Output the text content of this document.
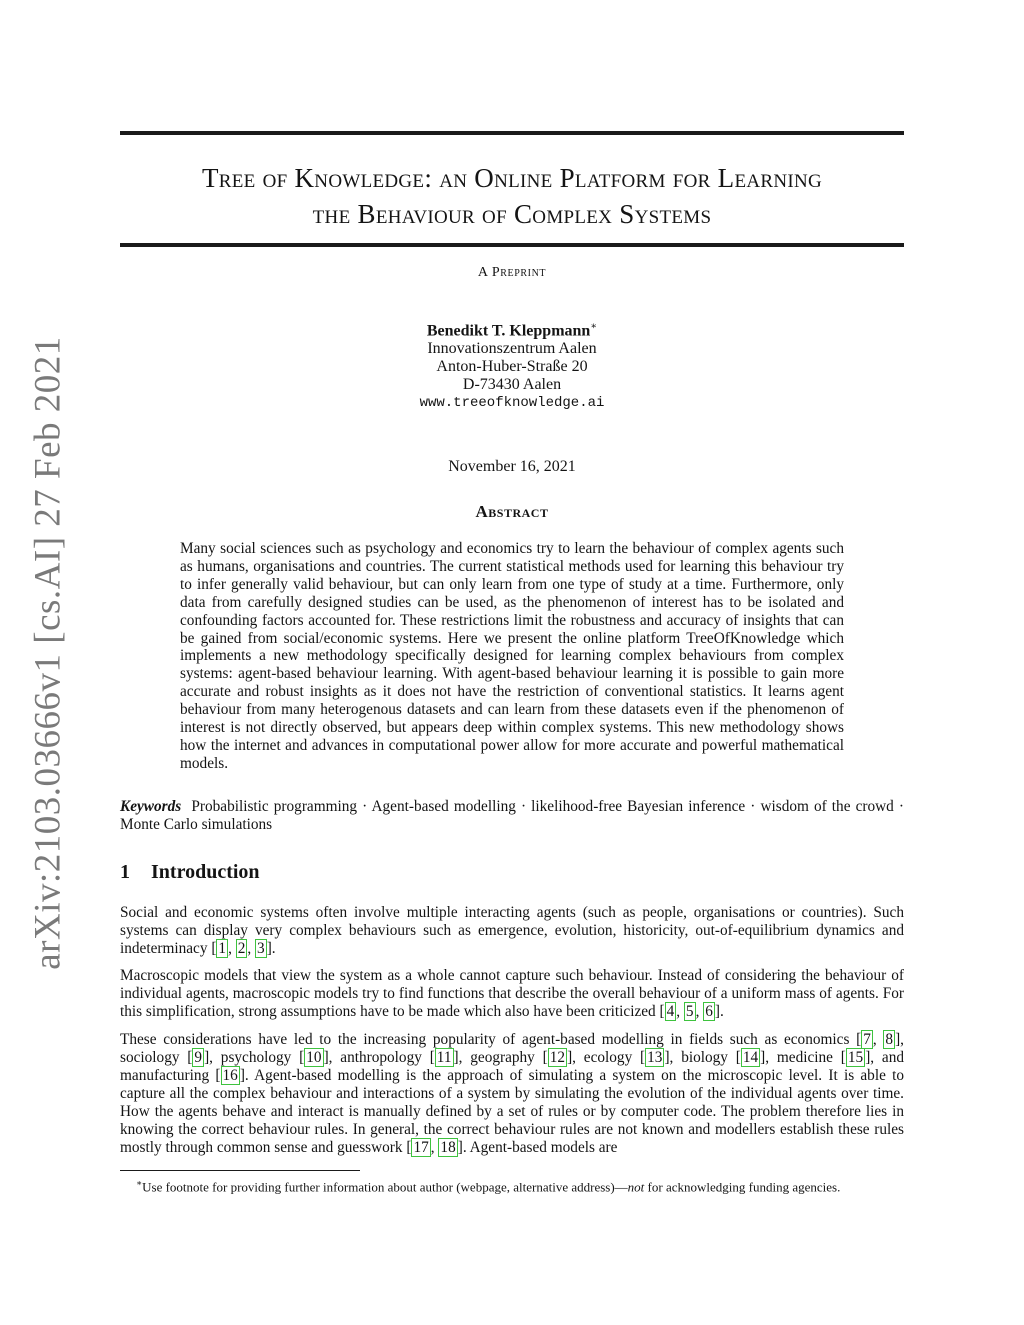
arXiv:2103.03666v1 [cs.AI] 27 Feb 2021
Tree of Knowledge: an Online Platform for Learning
the Behaviour of Complex Systems
A Preprint
Benedikt T. Kleppmann∗
Innovationszentrum Aalen
Anton-Huber-Straße 20
D-73430 Aalen
www.treeofknowledge.ai
November 16, 2021
Abstract
Many social sciences such as psychology and economics try to learn the behaviour of complex agents such as humans, organisations and countries. The current statistical methods used for learning this behaviour try to infer generally valid behaviour, but can only learn from one type of study at a time. Furthermore, only data from carefully designed studies can be used, as the phenomenon of interest has to be isolated and confounding factors accounted for. These restrictions limit the robustness and accuracy of insights that can be gained from social/economic systems. Here we present the online platform TreeOfKnowledge which implements a new methodology specifically designed for learning complex behaviours from complex systems: agent-based behaviour learning. With agent-based behaviour learning it is possible to gain more accurate and robust insights as it does not have the restriction of conventional statistics. It learns agent behaviour from many heterogenous datasets and can learn from these datasets even if the phenomenon of interest is not directly observed, but appears deep within complex systems. This new methodology shows how the internet and advances in computational power allow for more accurate and powerful mathematical models.
Keywords Probabilistic programming · Agent-based modelling · likelihood-free Bayesian inference · wisdom of the crowd · Monte Carlo simulations
1 Introduction

Social and economic systems often involve multiple interacting agents (such as people, organisations or countries). Such systems can display very complex behaviours such as emergence, evolution, historicity, out-of-equilibrium dynamics and indeterminacy [ 1 , 2 , 3 ].

Macroscopic models that view the system as a whole cannot capture such behaviour. Instead of considering the behaviour of individual agents, macroscopic models try to find functions that describe the overall behaviour of a uniform mass of agents. For this simplification, strong assumptions have to be made which also have been criticized [ 4 , 5 , 6 ].

These considerations have led to the increasing popularity of agent-based modelling in fields such as economics [ 7 , 8 ], sociology [ 9 ], psychology [ 10 ], anthropology [ 11 ], geography [ 12 ], ecology [ 13 ], biology [ 14 ], medicine [ 15 ], and manufacturing [ 16 ]. Agent-based modelling is the approach of simulating a system on the microscopic level. It is able to capture all the complex behaviour and interactions of a system by simulating the evolution of the individual agents over time. How the agents behave and interact is manually defined by a set of rules or by computer code. The problem therefore lies in knowing the correct behaviour rules. In general, the correct behaviour rules are not known and modellers establish these rules mostly through common sense and guesswork [ 17 , 18 ]. Agent-based models are

∗Use footnote for providing further information about author (webpage, alternative address)—not for acknowledging funding agencies.
